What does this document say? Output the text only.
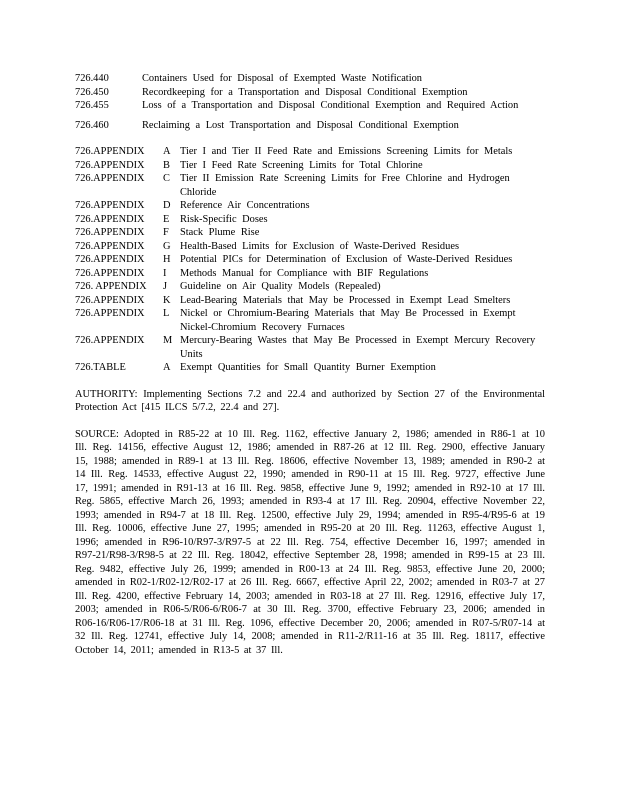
726.440	Containers Used for Disposal of Exempted Waste Notification
726.450	Recordkeeping for a Transportation and Disposal Conditional Exemption
726.455	Loss of a Transportation and Disposal Conditional Exemption and Required Action
726.460	Reclaiming a Lost Transportation and Disposal Conditional Exemption
726.APPENDIX	A Tier I and Tier II Feed Rate and Emissions Screening Limits for Metals
726.APPENDIX	B Tier I Feed Rate Screening Limits for Total Chlorine
726.APPENDIX	C Tier II Emission Rate Screening Limits for Free Chlorine and Hydrogen Chloride
726.APPENDIX	D Reference Air Concentrations
726.APPENDIX	E	Risk-Specific Doses
726.APPENDIX	F	Stack Plume Rise
726.APPENDIX	G Health-Based Limits for Exclusion of Waste-Derived Residues
726.APPENDIX	H Potential PICs for Determination of Exclusion of Waste-Derived Residues
726.APPENDIX	I	Methods Manual for Compliance with BIF Regulations
726. APPENDIX	J	Guideline on Air Quality Models (Repealed)
726.APPENDIX	K Lead-Bearing Materials that May be Processed in Exempt Lead Smelters
726.APPENDIX	L	Nickel or Chromium-Bearing Materials that May Be Processed in Exempt Nickel-Chromium Recovery Furnaces
726.APPENDIX	M Mercury-Bearing Wastes that May Be Processed in Exempt Mercury Recovery Units
726.TABLE	A Exempt Quantities for Small Quantity Burner Exemption

AUTHORITY: Implementing Sections 7.2 and 22.4 and authorized by Section 27 of the Environmental Protection Act [415 ILCS 5/7.2, 22.4 and 27].

SOURCE: Adopted in R85-22 at 10 Ill. Reg. 1162, effective January 2, 1986; amended in R86-1 at 10 Ill. Reg. 14156, effective August 12, 1986; amended in R87-26 at 12 Ill. Reg. 2900, effective January 15, 1988; amended in R89-1 at 13 Ill. Reg. 18606, effective November 13, 1989; amended in R90-2 at 14 Ill. Reg. 14533, effective August 22, 1990; amended in R90-11 at 15 Ill. Reg. 9727, effective June 17, 1991; amended in R91-13 at 16 Ill. Reg. 9858, effective June 9, 1992; amended in R92-10 at 17 Ill. Reg. 5865, effective March 26, 1993; amended in R93-4 at 17 Ill. Reg. 20904, effective November 22, 1993; amended in R94-7 at 18 Ill. Reg. 12500, effective July 29, 1994; amended in R95-4/R95-6 at 19 Ill. Reg. 10006, effective June 27, 1995; amended in R95-20 at 20 Ill. Reg. 11263, effective August 1, 1996; amended in R96-10/R97-3/R97-5 at 22 Ill. Reg. 754, effective December 16, 1997; amended in R97-21/R98-3/R98-5 at 22 Ill. Reg. 18042, effective September 28, 1998; amended in R99-15 at 23 Ill. Reg. 9482, effective July 26, 1999; amended in R00-13 at 24 Ill. Reg. 9853, effective June 20, 2000; amended in R02-1/R02-12/R02-17 at 26 Ill. Reg. 6667, effective April 22, 2002; amended in R03-7 at 27 Ill. Reg. 4200, effective February 14, 2003; amended in R03-18 at 27 Ill. Reg. 12916, effective July 17, 2003; amended in R06-5/R06-6/R06-7 at 30 Ill. Reg. 3700, effective February 23, 2006; amended in R06-16/R06-17/R06-18 at 31 Ill. Reg. 1096, effective December 20, 2006; amended in R07-5/R07-14 at 32 Ill. Reg. 12741, effective July 14, 2008; amended in R11-2/R11-16 at 35 Ill. Reg. 18117, effective October 14, 2011; amended in R13-5 at 37 Ill.
